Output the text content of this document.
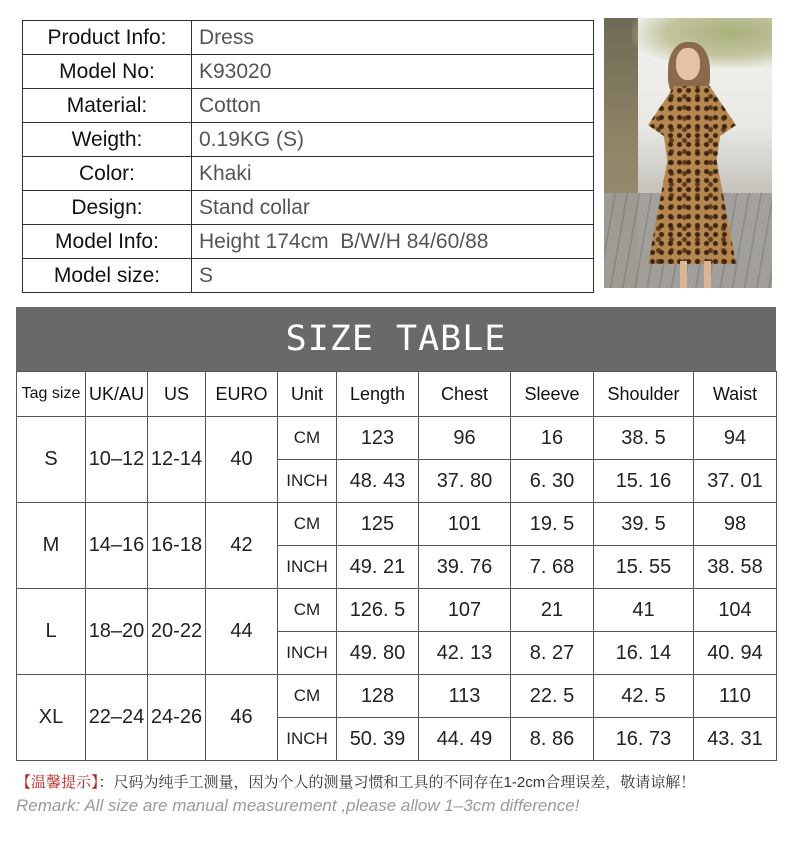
Product Info:	Dress
Model No:	K93020
Material:	Cotton
Weigth:	0.19KG (S)
Color:	Khaki
Design:	Stand collar
Model Info:	Height 174cm  B/W/H 84/60/88
Model size:	S
SIZE TABLE
Tag size	UK/AU	US	EURO	Unit	Length	Chest	Sleeve	Shoulder	Waist
S	10–12	12-14	40	CM	123	96	16	38. 5	94
				INCH	48. 43	37. 80	6. 30	15. 16	37. 01
M	14–16	16-18	42	CM	125	101	19. 5	39. 5	98
				INCH	49. 21	39. 76	7. 68	15. 55	38. 58
L	18–20	20-22	44	CM	126. 5	107	21	41	104
				INCH	49. 80	42. 13	8. 27	16. 14	40. 94
XL	22–24	24-26	46	CM	128	113	22. 5	42. 5	110
				INCH	50. 39	44. 49	8. 86	16. 73	43. 31
【温馨提示】：尺码为纯手工测量，因为个人的测量习惯和工具的不同存在1-2cm合理误差，敬请谅解！
Remark: All size are manual measurement ,please allow 1–3cm difference!
